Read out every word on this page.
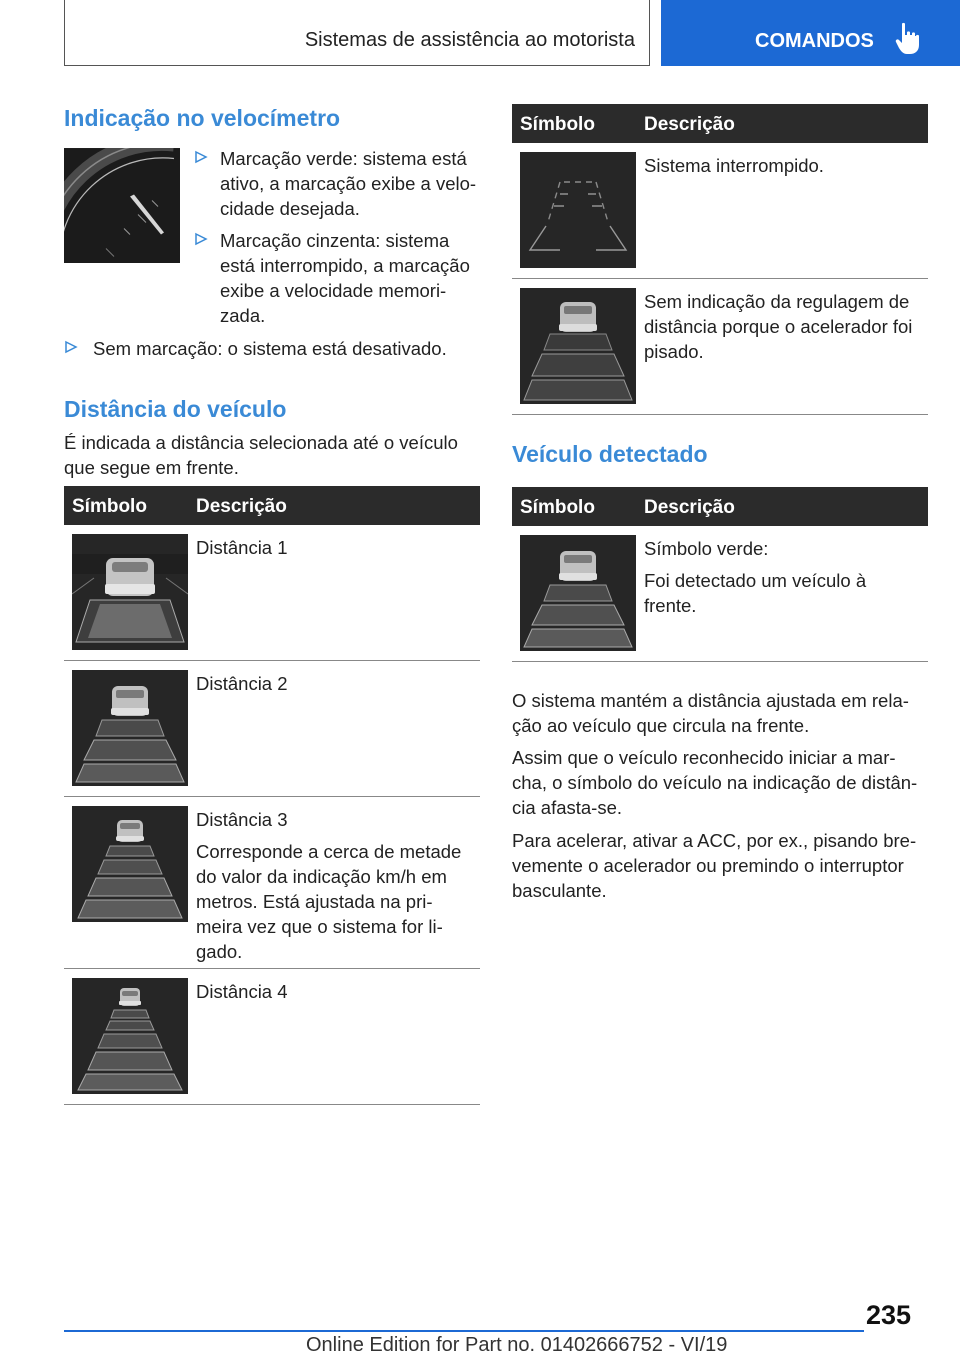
Sistemas de assistência ao motorista	COMANDOS
Indicação no velocímetro
Marcação verde: sistema está
ativo, a marcação exibe a velo-
cidade desejada.
Marcação cinzenta: sistema
está interrompido, a marcação
exibe a velocidade memori-
zada.
Sem marcação: o sistema está desativado.
Distância do veículo
É indicada a distância selecionada até o veículo
que segue em frente.
Símbolo	Descrição
Distância 1
Distância 2
Distância 3
Corresponde a cerca de metade
do valor da indicação km/h em
metros. Está ajustada na pri-
meira vez que o sistema for li-
gado.
Distância 4
Símbolo	Descrição
Sistema interrompido.
Sem indicação da regulagem de
distância porque o acelerador foi
pisado.
Veículo detectado
Símbolo	Descrição
Símbolo verde:
Foi detectado um veículo à
frente.
O sistema mantém a distância ajustada em rela-
ção ao veículo que circula na frente.
Assim que o veículo reconhecido iniciar a mar-
cha, o símbolo do veículo na indicação de distân-
cia afasta-se.
Para acelerar, ativar a ACC, por ex., pisando bre-
vemente o acelerador ou premindo o interruptor
basculante.
235
Online Edition for Part no. 01402666752 - VI/19
